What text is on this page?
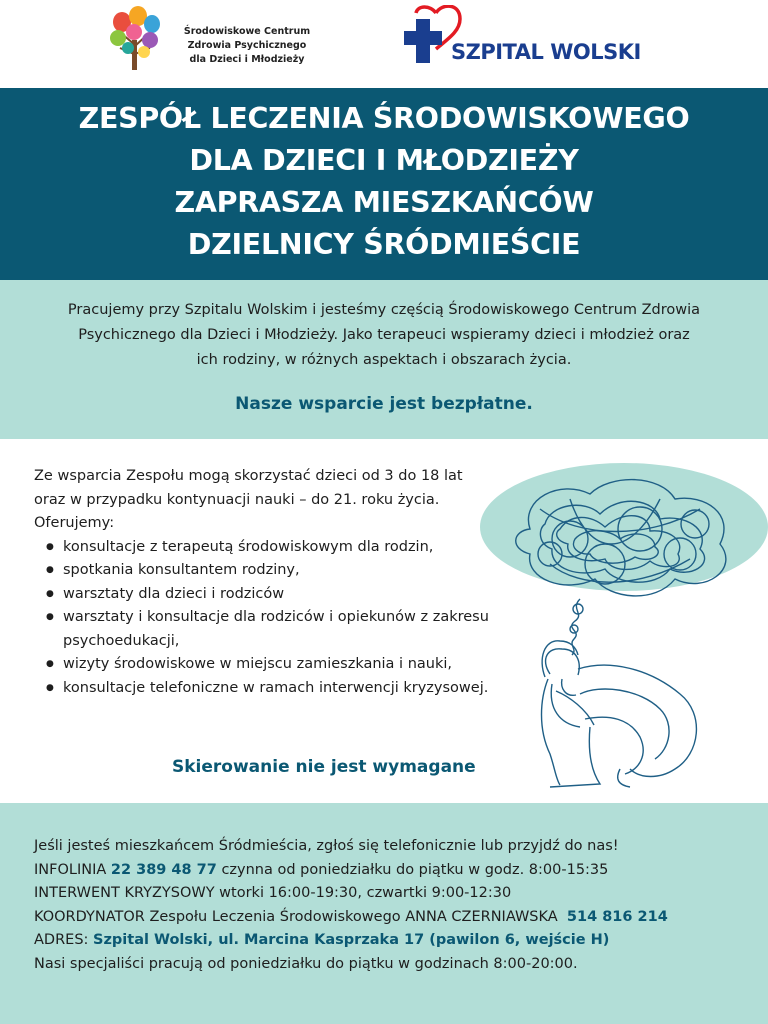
Środowiskowe Centrum
Zdrowia Psychicznego
dla Dzieci i Młodzieży	SZPITAL WOLSKI
ZESPÓŁ LECZENIA ŚRODOWISKOWEGO
DLA DZIECI I MŁODZIEŻY
ZAPRASZA MIESZKAŃCÓW
DZIELNICY ŚRÓDMIEŚCIE
Pracujemy przy Szpitalu Wolskim i jesteśmy częścią Środowiskowego Centrum Zdrowia
Psychicznego dla Dzieci i Młodzieży. Jako terapeuci wspieramy dzieci i młodzież oraz
ich rodziny, w różnych aspektach i obszarach życia.
Nasze wsparcie jest bezpłatne.
Ze wsparcia Zespołu mogą skorzystać dzieci od 3 do 18 lat
oraz w przypadku kontynuacji nauki – do 21. roku życia.
Oferujemy:
● konsultacje z terapeutą środowiskowym dla rodzin,
● spotkania konsultantem rodziny,
● warsztaty dla dzieci i rodziców
● warsztaty i konsultacje dla rodziców i opiekunów z zakresu psychoedukacji,
● wizyty środowiskowe w miejscu zamieszkania i nauki,
● konsultacje telefoniczne w ramach interwencji kryzysowej.
Skierowanie nie jest wymagane
Jeśli jesteś mieszkańcem Śródmieścia, zgłoś się telefonicznie lub przyjdź do nas!
INFOLINIA 22 389 48 77 czynna od poniedziałku do piątku w godz. 8:00-15:35
INTERWENT KRYZYSOWY wtorki 16:00-19:30, czwartki 9:00-12:30
KOORDYNATOR Zespołu Leczenia Środowiskowego ANNA CZERNIAWSKA 514 816 214
ADRES: Szpital Wolski, ul. Marcina Kasprzaka 17 (pawilon 6, wejście H)
Nasi specjaliści pracują od poniedziałku do piątku w godzinach 8:00-20:00.
